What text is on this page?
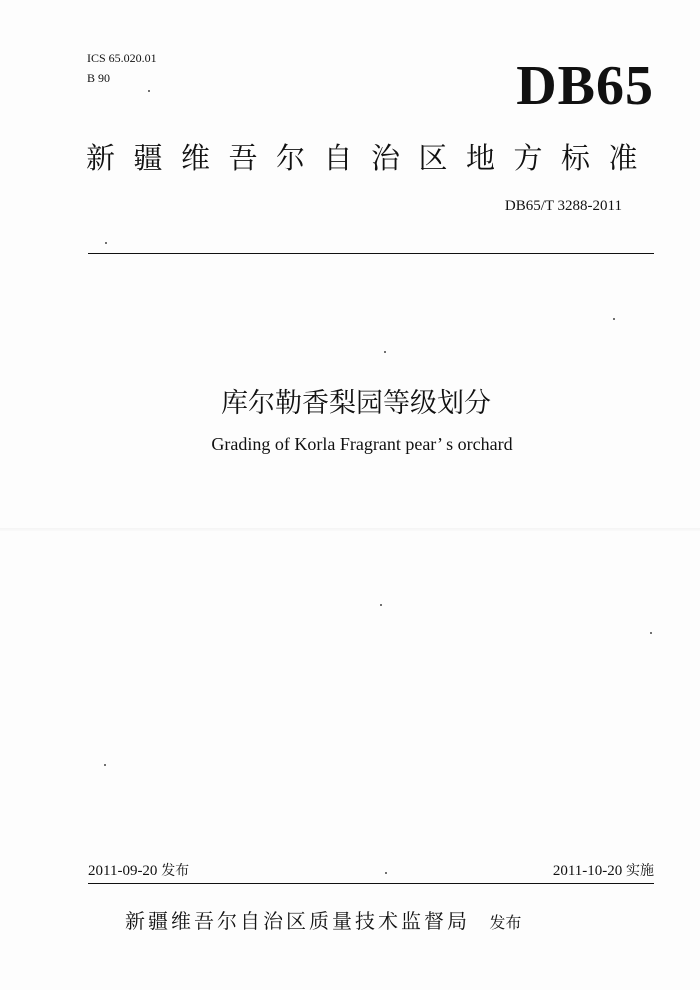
ICS 65.020.01
B 90	DB65
新疆维吾尔自治区地方标准
DB65/T 3288-2011
库尔勒香梨园等级划分
Grading of Korla Fragrant pear’ s orchard
2011-09-20 发布	2011-10-20 实施
新疆维吾尔自治区质量技术监督局 发布
